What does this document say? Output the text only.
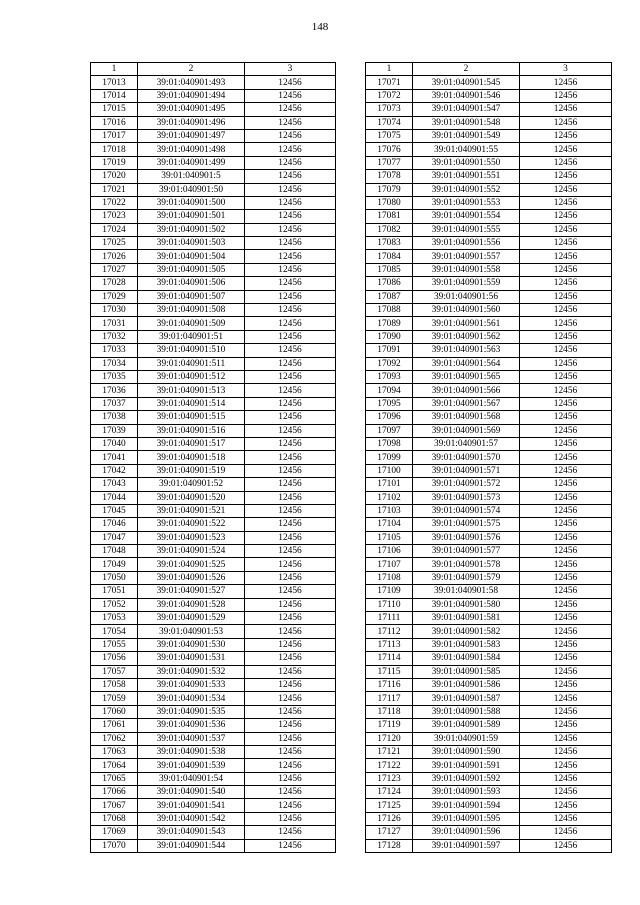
148
1	2	3
17013	39:01:040901:493	12456
17014	39:01:040901:494	12456
17015	39:01:040901:495	12456
17016	39:01:040901:496	12456
17017	39:01:040901:497	12456
17018	39:01:040901:498	12456
17019	39:01:040901:499	12456
17020	39:01:040901:5	12456
17021	39:01:040901:50	12456
17022	39:01:040901:500	12456
17023	39:01:040901:501	12456
17024	39:01:040901:502	12456
17025	39:01:040901:503	12456
17026	39:01:040901:504	12456
17027	39:01:040901:505	12456
17028	39:01:040901:506	12456
17029	39:01:040901:507	12456
17030	39:01:040901:508	12456
17031	39:01:040901:509	12456
17032	39:01:040901:51	12456
17033	39:01:040901:510	12456
17034	39:01:040901:511	12456
17035	39:01:040901:512	12456
17036	39:01:040901:513	12456
17037	39:01:040901:514	12456
17038	39:01:040901:515	12456
17039	39:01:040901:516	12456
17040	39:01:040901:517	12456
17041	39:01:040901:518	12456
17042	39:01:040901:519	12456
17043	39:01:040901:52	12456
17044	39:01:040901:520	12456
17045	39:01:040901:521	12456
17046	39:01:040901:522	12456
17047	39:01:040901:523	12456
17048	39:01:040901:524	12456
17049	39:01:040901:525	12456
17050	39:01:040901:526	12456
17051	39:01:040901:527	12456
17052	39:01:040901:528	12456
17053	39:01:040901:529	12456
17054	39:01:040901:53	12456
17055	39:01:040901:530	12456
17056	39:01:040901:531	12456
17057	39:01:040901:532	12456
17058	39:01:040901:533	12456
17059	39:01:040901:534	12456
17060	39:01:040901:535	12456
17061	39:01:040901:536	12456
17062	39:01:040901:537	12456
17063	39:01:040901:538	12456
17064	39:01:040901:539	12456
17065	39:01:040901:54	12456
17066	39:01:040901:540	12456
17067	39:01:040901:541	12456
17068	39:01:040901:542	12456
17069	39:01:040901:543	12456
17070	39:01:040901:544	12456
1	2	3
17071	39:01:040901:545	12456
17072	39:01:040901:546	12456
17073	39:01:040901:547	12456
17074	39:01:040901:548	12456
17075	39:01:040901:549	12456
17076	39:01:040901:55	12456
17077	39:01:040901:550	12456
17078	39:01:040901:551	12456
17079	39:01:040901:552	12456
17080	39:01:040901:553	12456
17081	39:01:040901:554	12456
17082	39:01:040901:555	12456
17083	39:01:040901:556	12456
17084	39:01:040901:557	12456
17085	39:01:040901:558	12456
17086	39:01:040901:559	12456
17087	39:01:040901:56	12456
17088	39:01:040901:560	12456
17089	39:01:040901:561	12456
17090	39:01:040901:562	12456
17091	39:01:040901:563	12456
17092	39:01:040901:564	12456
17093	39:01:040901:565	12456
17094	39:01:040901:566	12456
17095	39:01:040901:567	12456
17096	39:01:040901:568	12456
17097	39:01:040901:569	12456
17098	39:01:040901:57	12456
17099	39:01:040901:570	12456
17100	39:01:040901:571	12456
17101	39:01:040901:572	12456
17102	39:01:040901:573	12456
17103	39:01:040901:574	12456
17104	39:01:040901:575	12456
17105	39:01:040901:576	12456
17106	39:01:040901:577	12456
17107	39:01:040901:578	12456
17108	39:01:040901:579	12456
17109	39:01:040901:58	12456
17110	39:01:040901:580	12456
17111	39:01:040901:581	12456
17112	39:01:040901:582	12456
17113	39:01:040901:583	12456
17114	39:01:040901:584	12456
17115	39:01:040901:585	12456
17116	39:01:040901:586	12456
17117	39:01:040901:587	12456
17118	39:01:040901:588	12456
17119	39:01:040901:589	12456
17120	39:01:040901:59	12456
17121	39:01:040901:590	12456
17122	39:01:040901:591	12456
17123	39:01:040901:592	12456
17124	39:01:040901:593	12456
17125	39:01:040901:594	12456
17126	39:01:040901:595	12456
17127	39:01:040901:596	12456
17128	39:01:040901:597	12456
